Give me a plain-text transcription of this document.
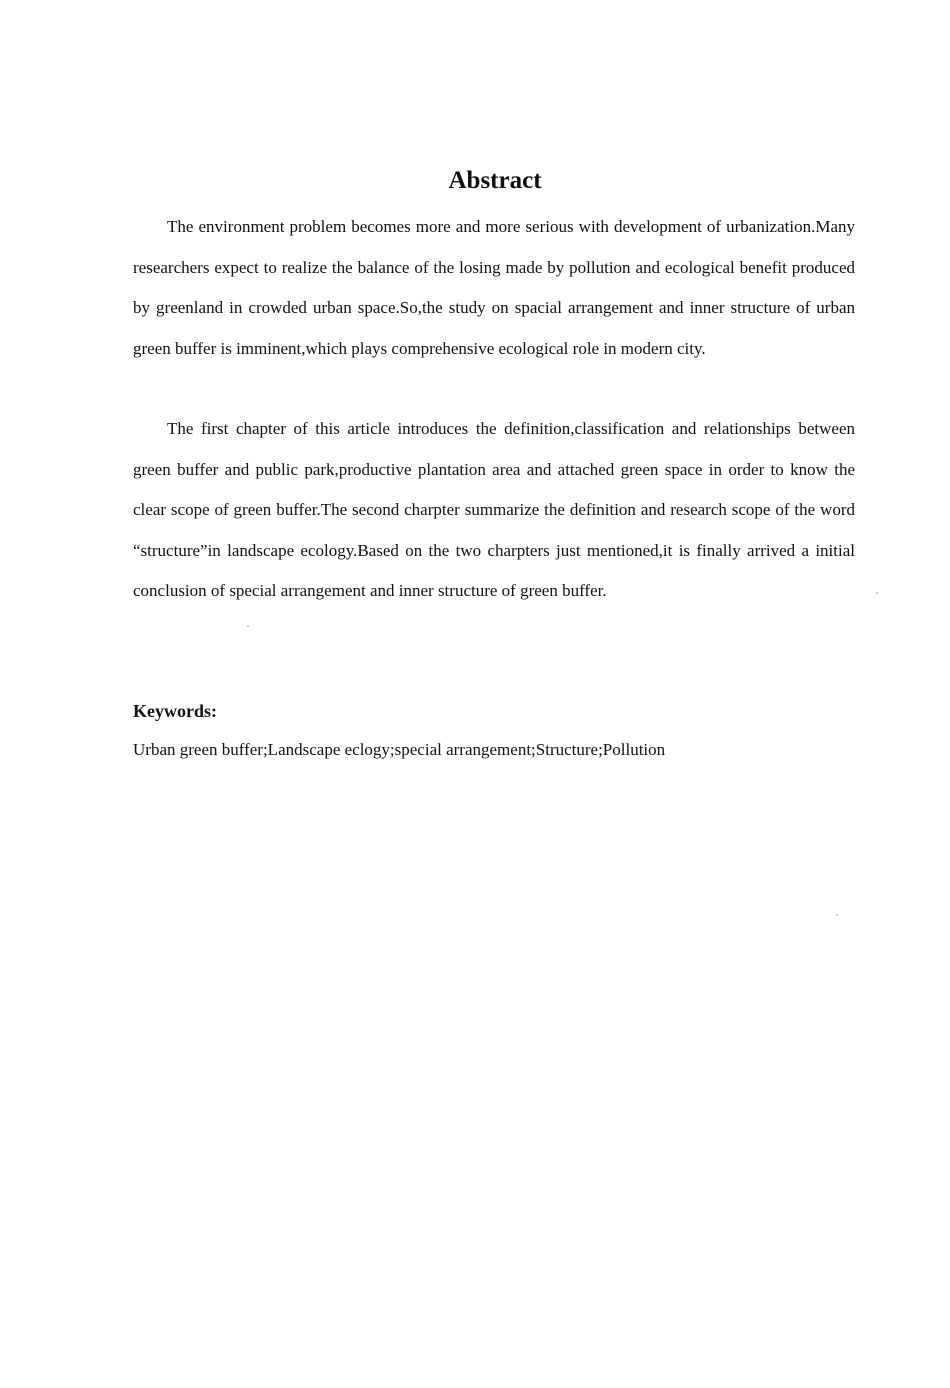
Abstract

The environment problem becomes more and more serious with development of urbanization.Many researchers expect to realize the balance of the losing made by pollution and ecological benefit produced by greenland in crowded urban space.So,the study on spacial arrangement and inner structure of urban green buffer is imminent,which plays comprehensive ecological role in modern city.

The first chapter of this article introduces the definition,classification and relationships between green buffer and public park,productive plantation area and attached green space in order to know the clear scope of green buffer.The second charpter summarize the definition and research scope of the word “structure”in landscape ecology.Based on the two charpters just mentioned,it is finally arrived a initial conclusion of special arrangement and inner structure of green buffer.

Keywords:
Urban green buffer;Landscape eclogy;special arrangement;Structure;Pollution
